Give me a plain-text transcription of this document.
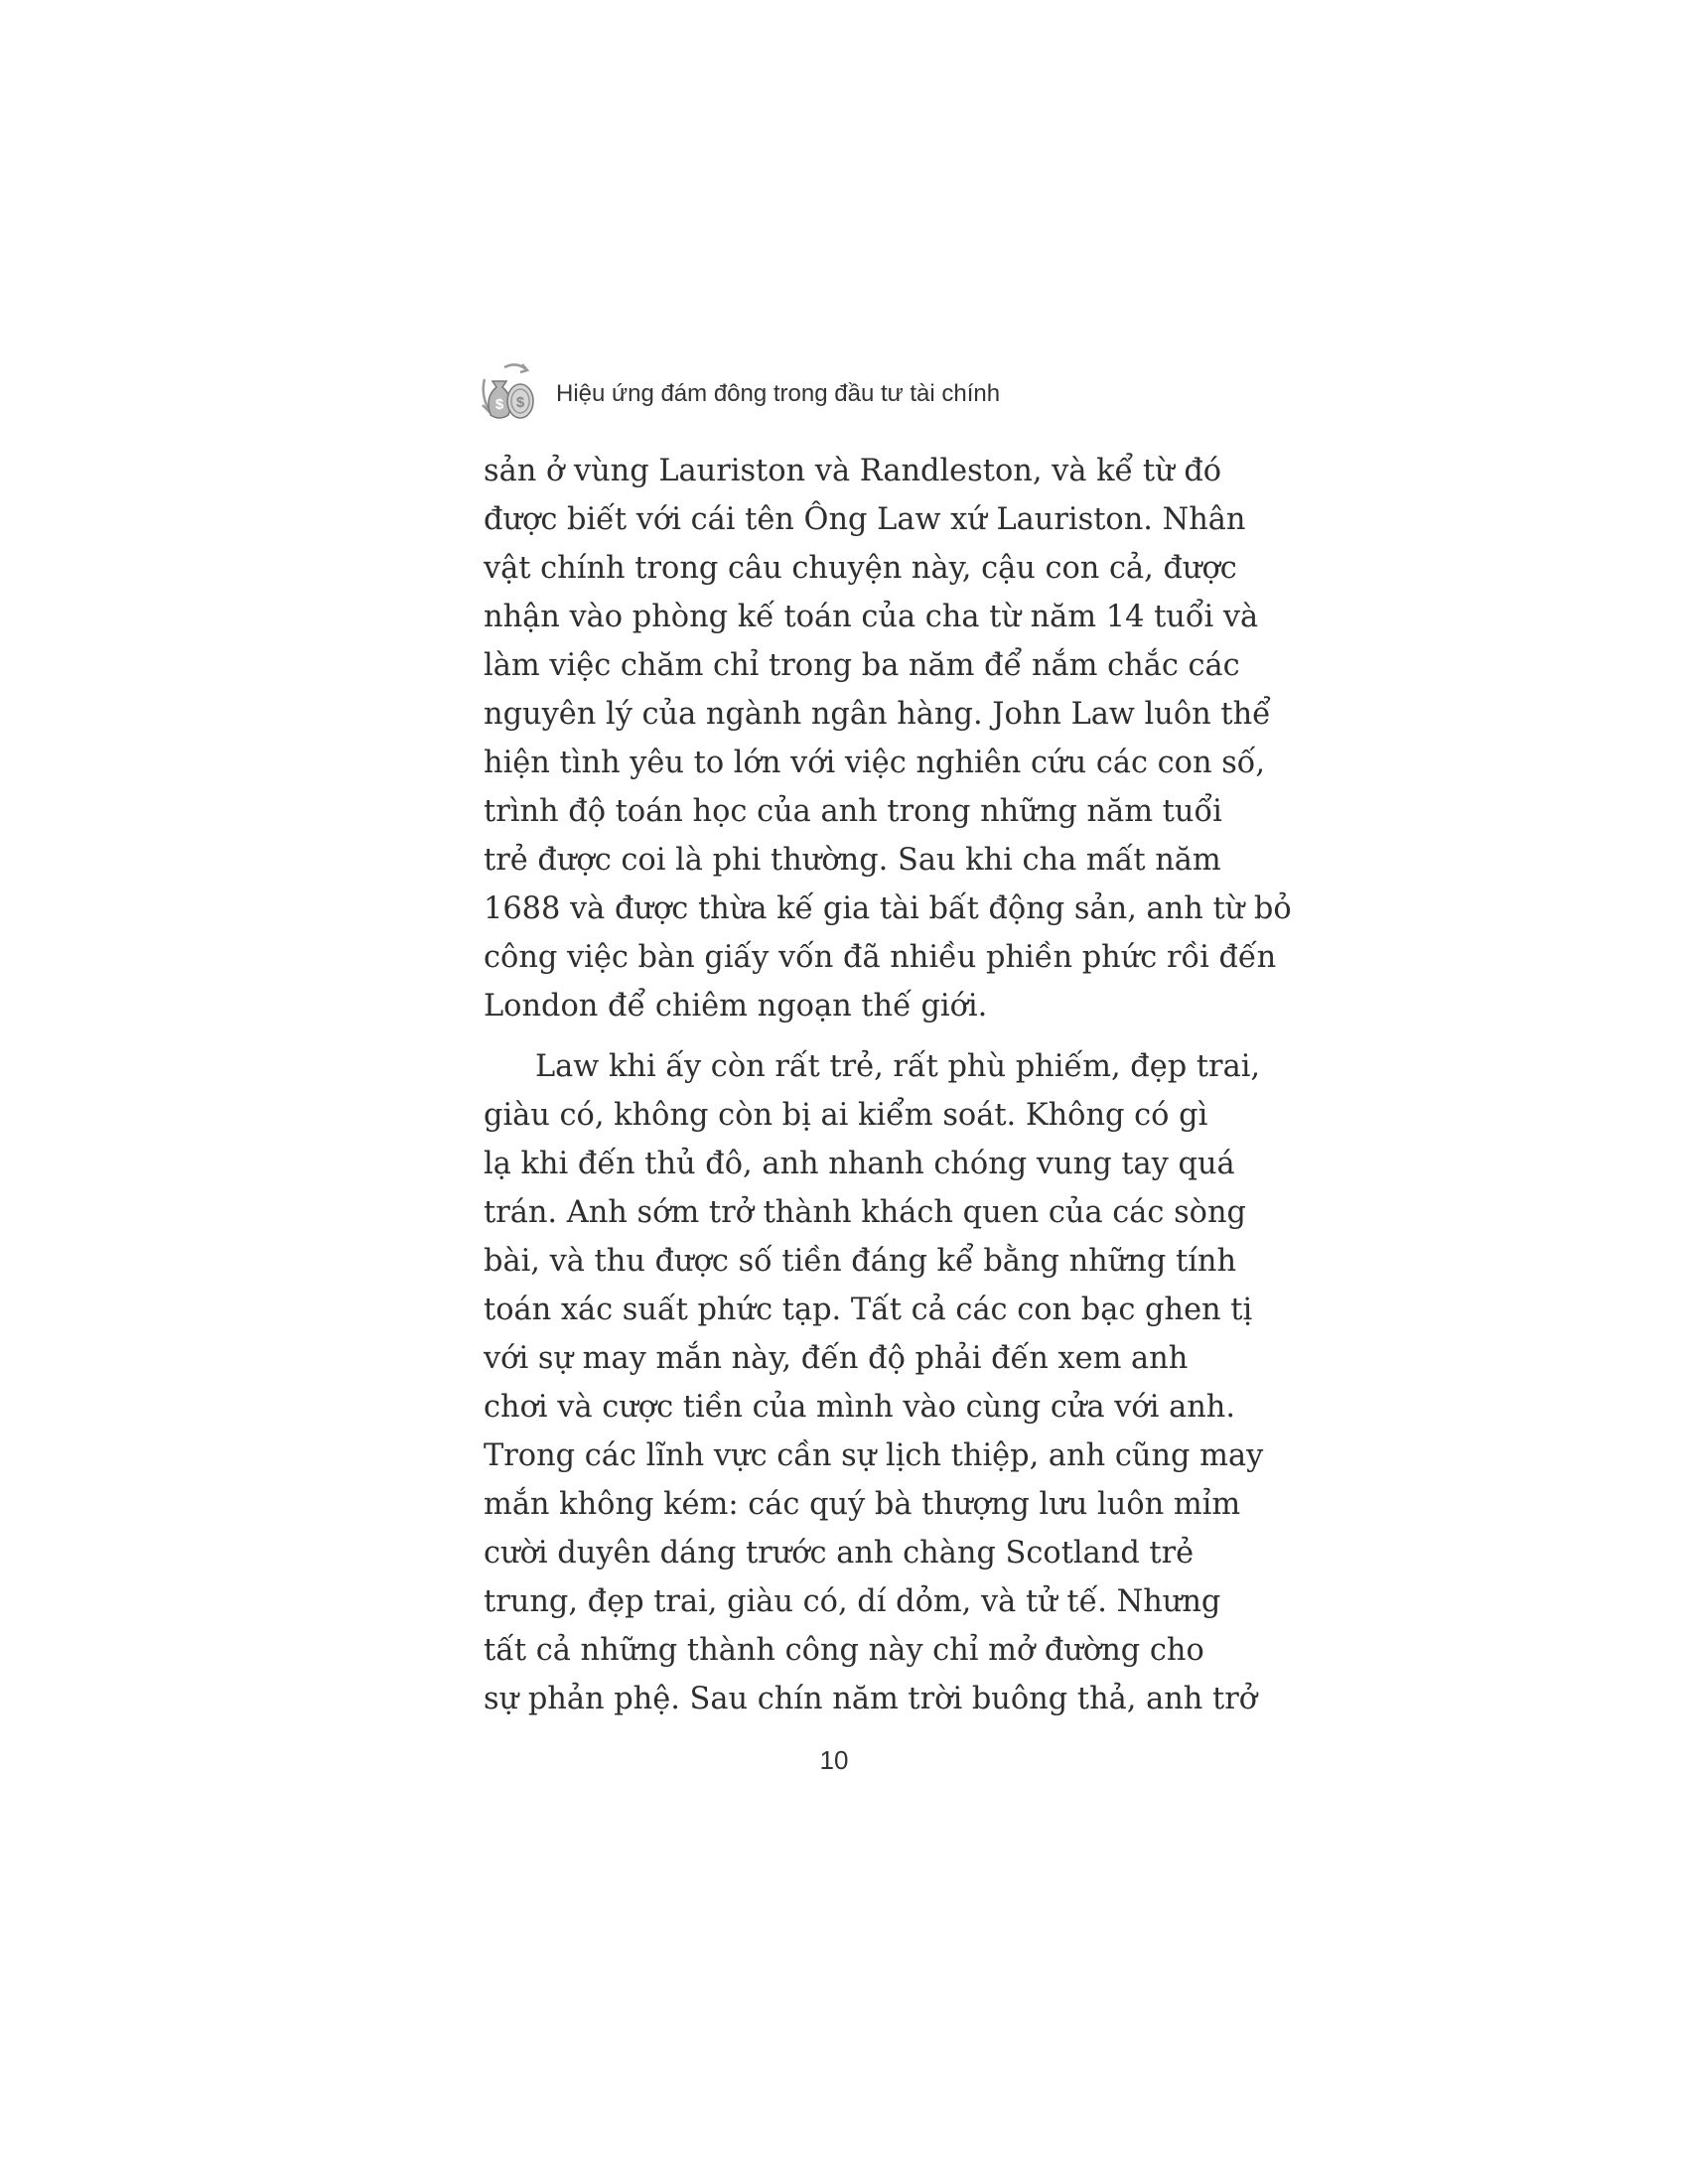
$ $ Hiệu ứng đám đông trong đầu tư tài chính
sản ở vùng Lauriston và Randleston, và kể từ đó
được biết với cái tên Ông Law xứ Lauriston. Nhân
vật chính trong câu chuyện này, cậu con cả, được
nhận vào phòng kế toán của cha từ năm 14 tuổi và
làm việc chăm chỉ trong ba năm để nắm chắc các
nguyên lý của ngành ngân hàng. John Law luôn thể
hiện tình yêu to lớn với việc nghiên cứu các con số,
trình độ toán học của anh trong những năm tuổi
trẻ được coi là phi thường. Sau khi cha mất năm
1688 và được thừa kế gia tài bất động sản, anh từ bỏ
công việc bàn giấy vốn đã nhiều phiền phức rồi đến
London để chiêm ngoạn thế giới.
Law khi ấy còn rất trẻ, rất phù phiếm, đẹp trai,
giàu có, không còn bị ai kiểm soát. Không có gì
lạ khi đến thủ đô, anh nhanh chóng vung tay quá
trán. Anh sớm trở thành khách quen của các sòng
bài, và thu được số tiền đáng kể bằng những tính
toán xác suất phức tạp. Tất cả các con bạc ghen tị
với sự may mắn này, đến độ phải đến xem anh
chơi và cược tiền của mình vào cùng cửa với anh.
Trong các lĩnh vực cần sự lịch thiệp, anh cũng may
mắn không kém: các quý bà thượng lưu luôn mỉm
cười duyên dáng trước anh chàng Scotland trẻ
trung, đẹp trai, giàu có, dí dỏm, và tử tế. Nhưng
tất cả những thành công này chỉ mở đường cho
sự phản phệ. Sau chín năm trời buông thả, anh trở
10
